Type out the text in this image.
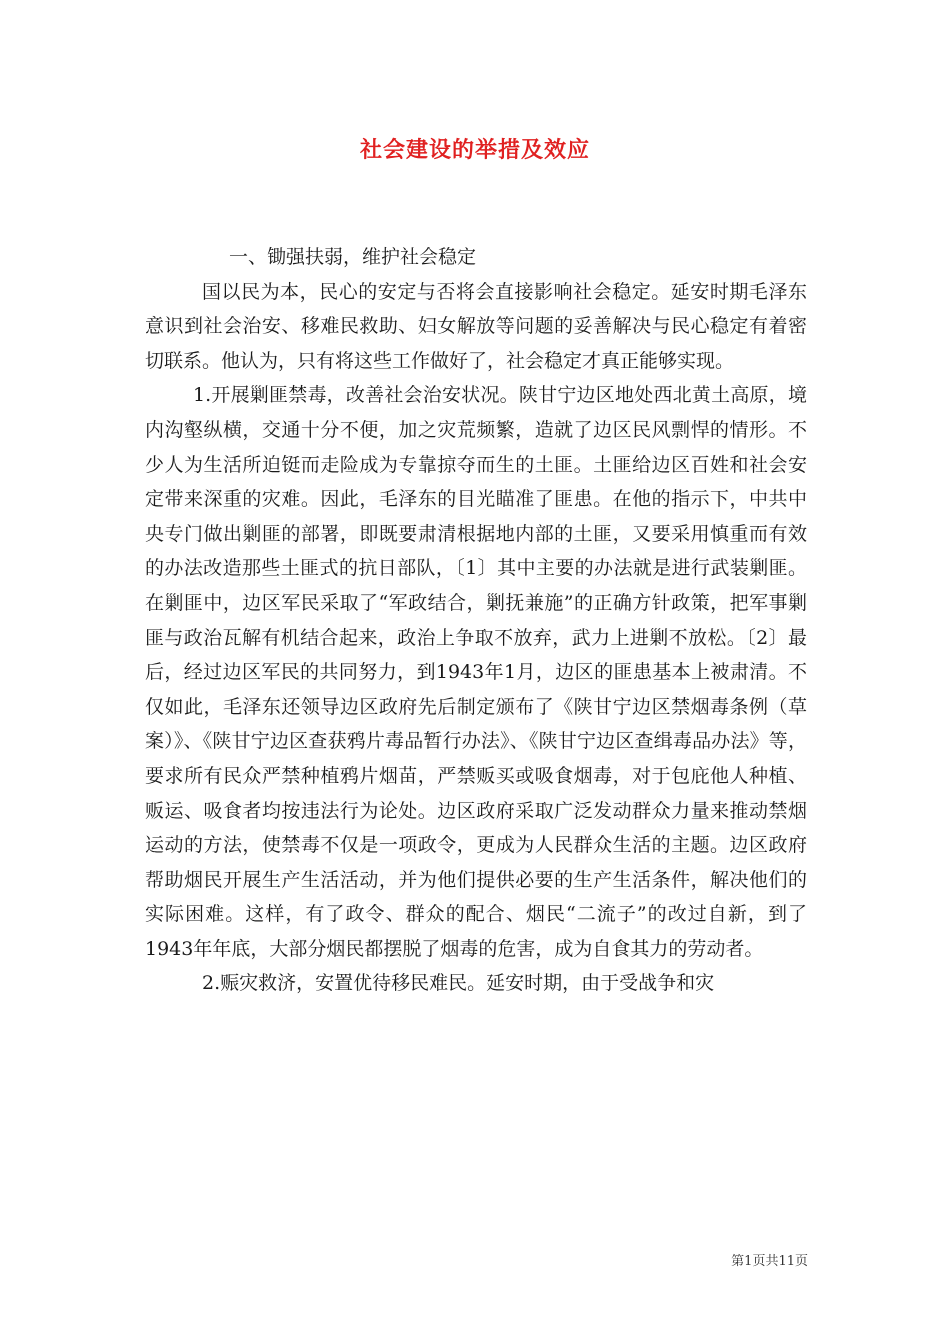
社会建设的举措及效应

一、锄强扶弱，维护社会稳定

国以民为本，民心的安定与否将会直接影响社会稳定。延安时期毛泽东意识到社会治安、移难民救助、妇女解放等问题的妥善解决与民心稳定有着密切联系。他认为，只有将这些工作做好了，社会稳定才真正能够实现。

1.开展剿匪禁毒，改善社会治安状况。陕甘宁边区地处西北黄土高原，境内沟壑纵横，交通十分不便，加之灾荒频繁，造就了边区民风剽悍的情形。不少人为生活所迫铤而走险成为专靠掠夺而生的土匪。土匪给边区百姓和社会安定带来深重的灾难。因此，毛泽东的目光瞄准了匪患。在他的指示下，中共中央专门做出剿匪的部署，即既要肃清根据地内部的土匪，又要采用慎重而有效的办法改造那些土匪式的抗日部队，〔1〕其中主要的办法就是进行武装剿匪。在剿匪中，边区军民采取了“军政结合，剿抚兼施”的正确方针政策，把军事剿匪与政治瓦解有机结合起来，政治上争取不放弃，武力上进剿不放松。〔2〕最后，经过边区军民的共同努力，到1943年1月，边区的匪患基本上被肃清。不仅如此，毛泽东还领导边区政府先后制定颁布了《陕甘宁边区禁烟毒条例（草案）》、《陕甘宁边区查获鸦片毒品暂行办法》、《陕甘宁边区查缉毒品办法》等，要求所有民众严禁种植鸦片烟苗，严禁贩买或吸食烟毒，对于包庇他人种植、贩运、吸食者均按违法行为论处。边区政府采取广泛发动群众力量来推动禁烟运动的方法，使禁毒不仅是一项政令，更成为人民群众生活的主题。边区政府帮助烟民开展生产生活活动，并为他们提供必要的生产生活条件，解决他们的实际困难。这样，有了政令、群众的配合、烟民“二流子”的改过自新，到了1943年年底，大部分烟民都摆脱了烟毒的危害，成为自食其力的劳动者。

2.赈灾救济，安置优待移民难民。延安时期，由于受战争和灾

第1页共11页
